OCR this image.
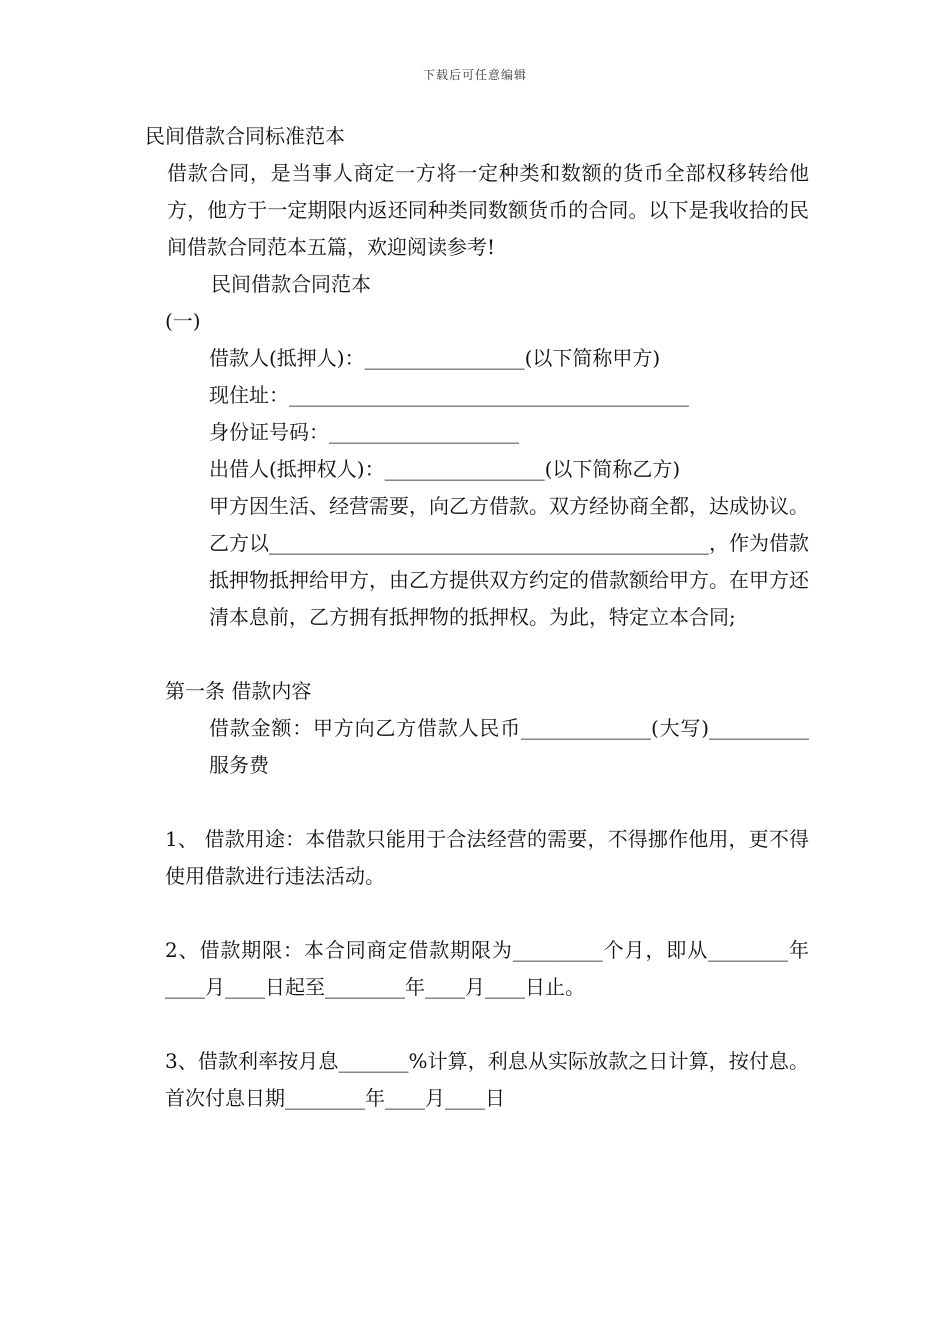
下载后可任意编辑

民间借款合同标准范本

借款合同，是当事人商定一方将一定种类和数额的货币全部权移转给他方，他方于一定期限内返还同种类同数额货币的合同。以下是我收拾的民间借款合同范本五篇，欢迎阅读参考!

民间借款合同范本

(一)

借款人(抵押人)：________________(以下简称甲方)

现住址：________________________________________

身份证号码：___________________

出借人(抵押权人)：________________(以下简称乙方)

甲方因生活、经营需要，向乙方借款。双方经协商全都，达成协议。乙方以____________________________________________，作为借款抵押物抵押给甲方，由乙方提供双方约定的借款额给甲方。在甲方还清本息前，乙方拥有抵押物的抵押权。为此，特定立本合同;

第一条 借款内容

借款金额：甲方向乙方借款人民币_____________(大写)__________服务费

1、 借款用途：本借款只能用于合法经营的需要，不得挪作他用，更不得使用借款进行违法活动。

2、借款期限：本合同商定借款期限为_________个月，即从________年____月____日起至________年____月____日止。

3、借款利率按月息_______%计算，利息从实际放款之日计算，按付息。首次付息日期________年____月____日
